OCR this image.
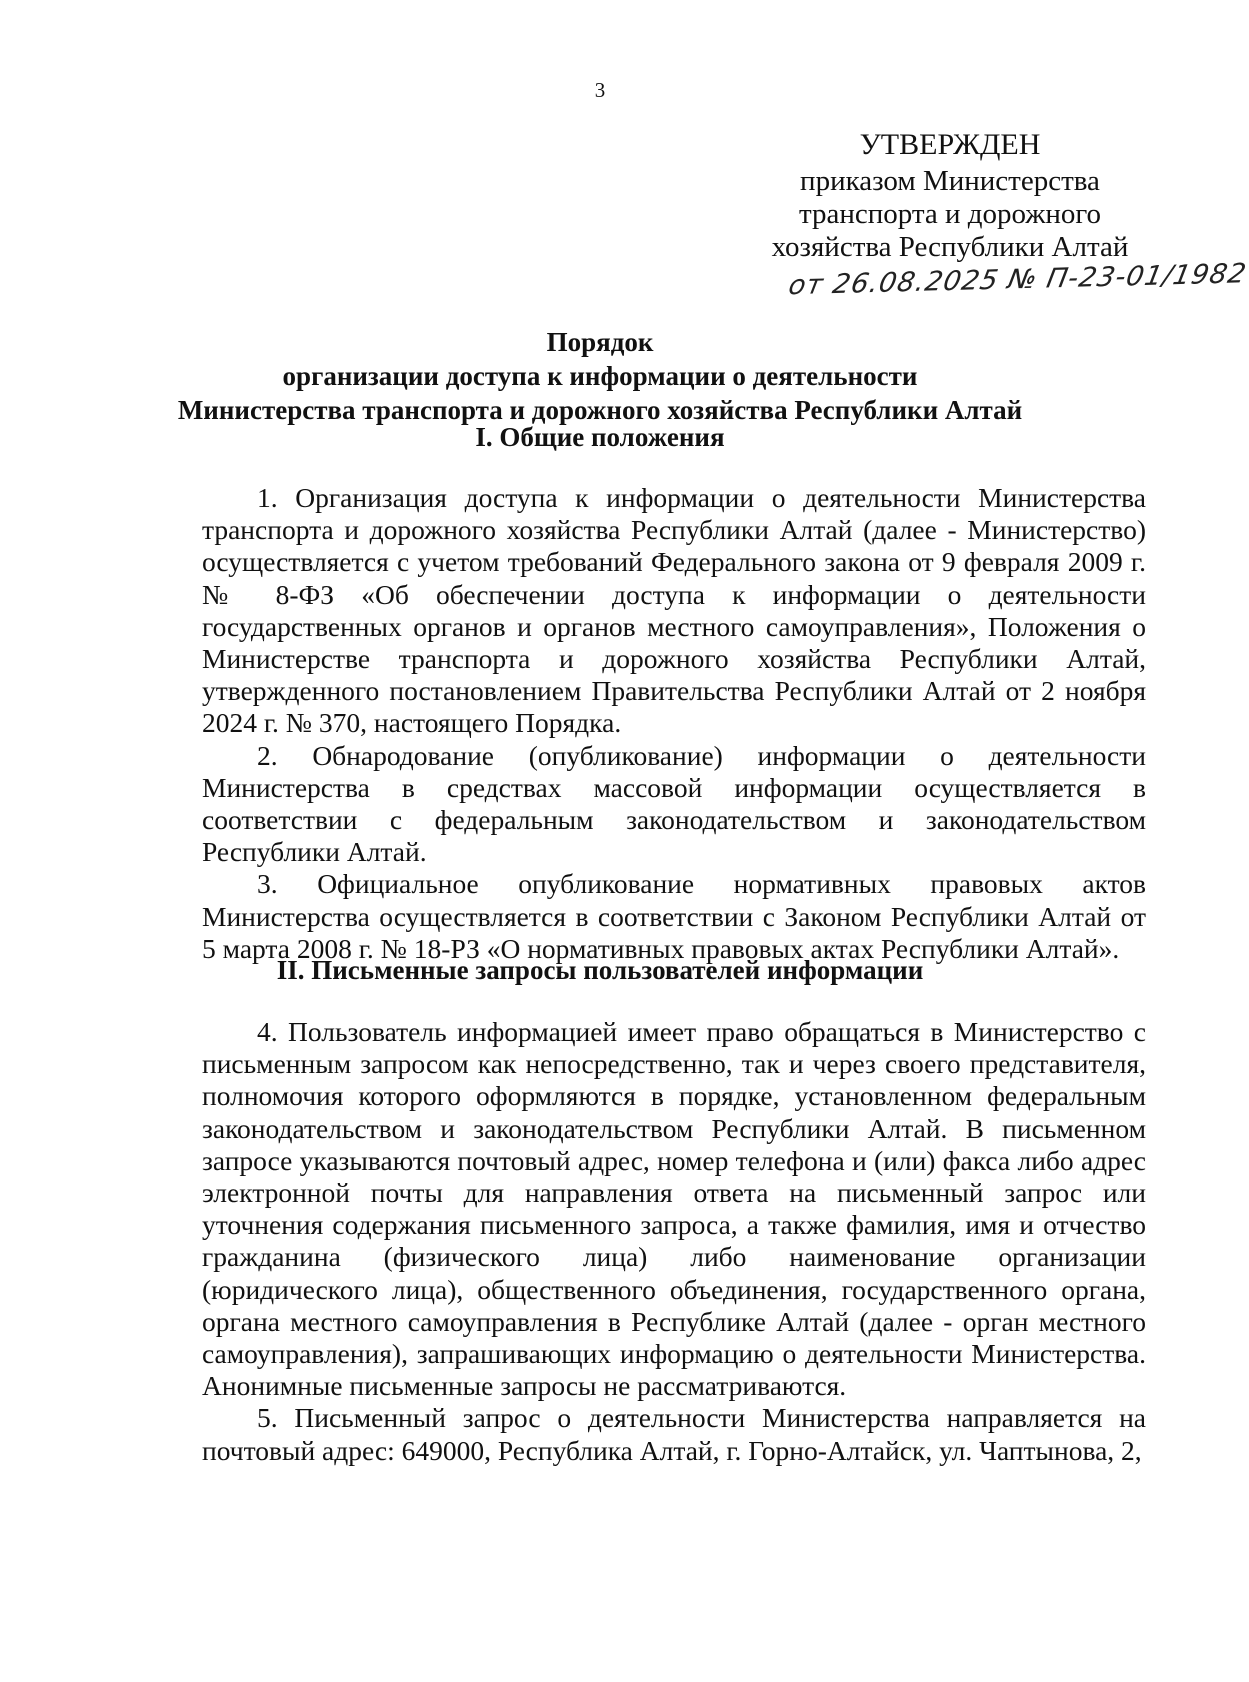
3
УТВЕРЖДЕН
приказом Министерства
транспорта и дорожного
хозяйства Республики Алтай
от 26.08.2025 № П-23-01/1982
Порядок
организации доступа к информации о деятельности
Министерства транспорта и дорожного хозяйства Республики Алтай
I. Общие положения

1. Организация доступа к информации о деятельности Министерства транспорта и дорожного хозяйства Республики Алтай (далее - Министерство) осуществляется с учетом требований Федерального закона от 9 февраля 2009 г. № 8-ФЗ «Об обеспечении доступа к информации о деятельности государственных органов и органов местного самоуправления», Положения о Министерстве транспорта и дорожного хозяйства Республики Алтай, утвержденного постановлением Правительства Республики Алтай от 2 ноября 2024 г. № 370, настоящего Порядка.

2. Обнародование (опубликование) информации о деятельности Министерства в средствах массовой информации осуществляется в соответствии с федеральным законодательством и законодательством Республики Алтай.

3. Официальное опубликование нормативных правовых актов Министерства осуществляется в соответствии с Законом Республики Алтай от 5 марта 2008 г. № 18-РЗ «О нормативных правовых актах Республики Алтай».

II. Письменные запросы пользователей информации

4. Пользователь информацией имеет право обращаться в Министерство с письменным запросом как непосредственно, так и через своего представителя, полномочия которого оформляются в порядке, установленном федеральным законодательством и законодательством Республики Алтай. В письменном запросе указываются почтовый адрес, номер телефона и (или) факса либо адрес электронной почты для направления ответа на письменный запрос или уточнения содержания письменного запроса, а также фамилия, имя и отчество гражданина (физического лица) либо наименование организации (юридического лица), общественного объединения, государственного органа, органа местного самоуправления в Республике Алтай (далее - орган местного самоуправления), запрашивающих информацию о деятельности Министерства. Анонимные письменные запросы не рассматриваются.

5. Письменный запрос о деятельности Министерства направляется на почтовый адрес: 649000, Республика Алтай, г. Горно-Алтайск, ул. Чаптынова, 2,
